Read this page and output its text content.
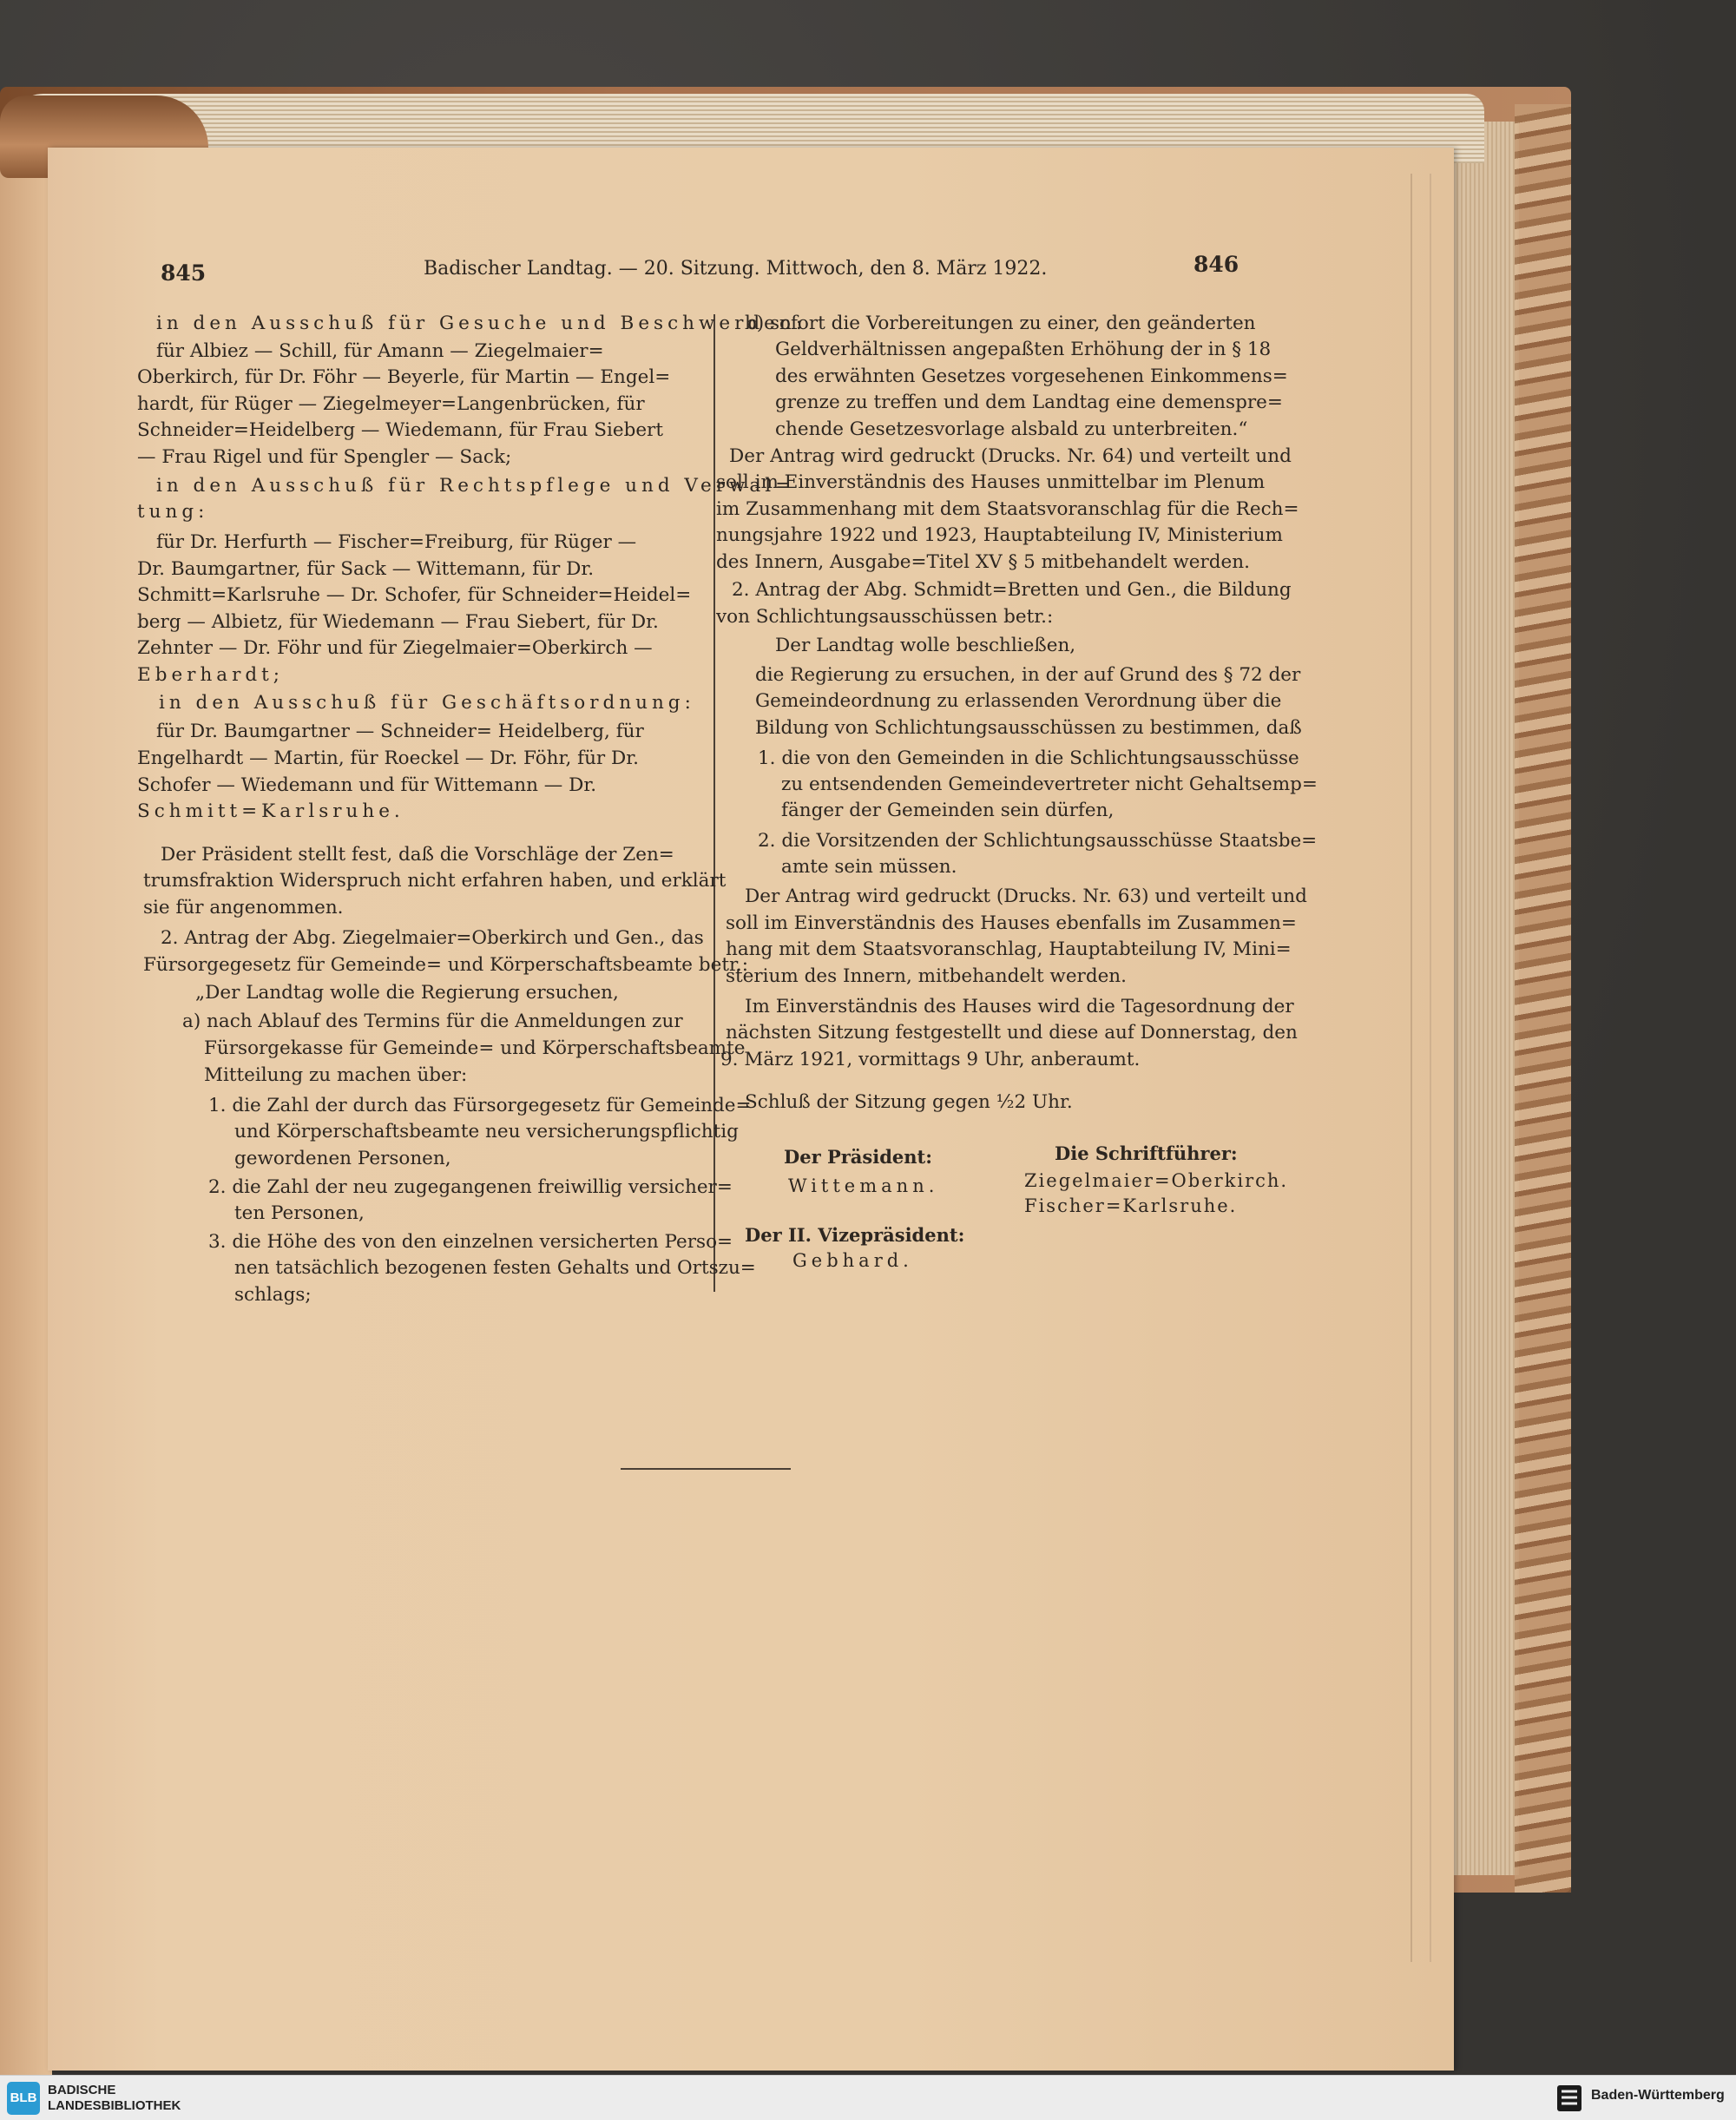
845	Badischer Landtag. — 20. Sitzung. Mittwoch, den 8. März 1922.	846
Der Präsident:
Wittemann.
Der II. Vizepräsident:
Gebhard.
Die Schriftführer:
Ziegelmaier=Oberkirch.
Fischer=Karlsruhe.
BLB
BADISCHE
LANDESBIBLIOTHEK
Baden-Württemberg
in den Ausschuß für Gesuche und Beschwerden:
für Albiez — Schill, für Amann — Ziegelmaier=
Oberkirch, für Dr. Föhr — Beyerle, für Martin — Engel=
hardt, für Rüger — Ziegelmeyer=Langenbrücken, für
Schneider=Heidelberg — Wiedemann, für Frau Siebert
— Frau Rigel und für Spengler — Sack;
in den Ausschuß für Rechtspflege und Verwal=
tung:
für Dr. Herfurth — Fischer=Freiburg, für Rüger —
Dr. Baumgartner, für Sack — Wittemann, für Dr.
Schmitt=Karlsruhe — Dr. Schofer, für Schneider=Heidel=
berg — Albietz, für Wiedemann — Frau Siebert, für Dr.
Zehnter — Dr. Föhr und für Ziegelmaier=Oberkirch —
Eberhardt;
in den Ausschuß für Geschäftsordnung:
für Dr. Baumgartner — Schneider= Heidelberg, für
Engelhardt — Martin, für Roeckel — Dr. Föhr, für Dr.
Schofer — Wiedemann und für Wittemann — Dr.
Schmitt=Karlsruhe.
Der Präsident stellt fest, daß die Vorschläge der Zen=
trumsfraktion Widerspruch nicht erfahren haben, und erklärt
sie für angenommen.
2. Antrag der Abg. Ziegelmaier=Oberkirch und Gen., das
Fürsorgegesetz für Gemeinde= und Körperschaftsbeamte betr.:
„Der Landtag wolle die Regierung ersuchen,
a) nach Ablauf des Termins für die Anmeldungen zur
Fürsorgekasse für Gemeinde= und Körperschaftsbeamte
Mitteilung zu machen über:
1. die Zahl der durch das Fürsorgegesetz für Gemeinde=
und Körperschaftsbeamte neu versicherungspflichtig
gewordenen Personen,
2. die Zahl der neu zugegangenen freiwillig versicher=
ten Personen,
3. die Höhe des von den einzelnen versicherten Perso=
nen tatsächlich bezogenen festen Gehalts und Ortszu=
schlags;
b) sofort die Vorbereitungen zu einer, den geänderten
Geldverhältnissen angepaßten Erhöhung der in § 18
des erwähnten Gesetzes vorgesehenen Einkommens=
grenze zu treffen und dem Landtag eine demenspre=
chende Gesetzesvorlage alsbald zu unterbreiten.“
Der Antrag wird gedruckt (Drucks. Nr. 64) und verteilt und
soll im Einverständnis des Hauses unmittelbar im Plenum
im Zusammenhang mit dem Staatsvoranschlag für die Rech=
nungsjahre 1922 und 1923, Hauptabteilung IV, Ministerium
des Innern, Ausgabe=Titel XV § 5 mitbehandelt werden.
2. Antrag der Abg. Schmidt=Bretten und Gen., die Bildung
von Schlichtungsausschüssen betr.:
Der Landtag wolle beschließen,
die Regierung zu ersuchen, in der auf Grund des § 72 der
Gemeindeordnung zu erlassenden Verordnung über die
Bildung von Schlichtungsausschüssen zu bestimmen, daß
1. die von den Gemeinden in die Schlichtungsausschüsse
zu entsendenden Gemeindevertreter nicht Gehaltsemp=
fänger der Gemeinden sein dürfen,
2. die Vorsitzenden der Schlichtungsausschüsse Staatsbe=
amte sein müssen.
Der Antrag wird gedruckt (Drucks. Nr. 63) und verteilt und
soll im Einverständnis des Hauses ebenfalls im Zusammen=
hang mit dem Staatsvoranschlag, Hauptabteilung IV, Mini=
sterium des Innern, mitbehandelt werden.
Im Einverständnis des Hauses wird die Tagesordnung der
nächsten Sitzung festgestellt und diese auf Donnerstag, den
9. März 1921, vormittags 9 Uhr, anberaumt.
Schluß der Sitzung gegen ½2 Uhr.
